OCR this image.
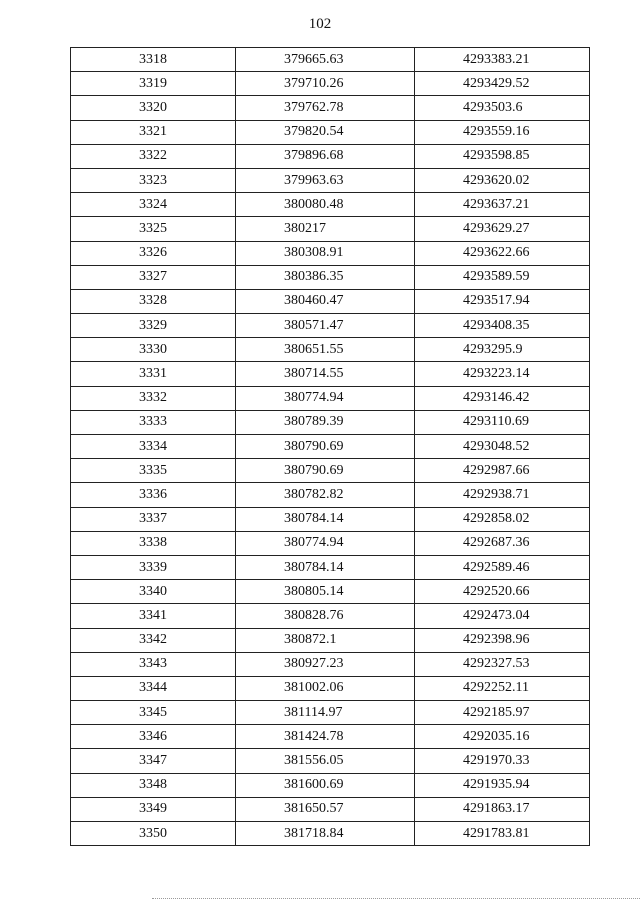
102
3318	379665.63	4293383.21
3319	379710.26	4293429.52
3320	379762.78	4293503.6
3321	379820.54	4293559.16
3322	379896.68	4293598.85
3323	379963.63	4293620.02
3324	380080.48	4293637.21
3325	380217	4293629.27
3326	380308.91	4293622.66
3327	380386.35	4293589.59
3328	380460.47	4293517.94
3329	380571.47	4293408.35
3330	380651.55	4293295.9
3331	380714.55	4293223.14
3332	380774.94	4293146.42
3333	380789.39	4293110.69
3334	380790.69	4293048.52
3335	380790.69	4292987.66
3336	380782.82	4292938.71
3337	380784.14	4292858.02
3338	380774.94	4292687.36
3339	380784.14	4292589.46
3340	380805.14	4292520.66
3341	380828.76	4292473.04
3342	380872.1	4292398.96
3343	380927.23	4292327.53
3344	381002.06	4292252.11
3345	381114.97	4292185.97
3346	381424.78	4292035.16
3347	381556.05	4291970.33
3348	381600.69	4291935.94
3349	381650.57	4291863.17
3350	381718.84	4291783.81
